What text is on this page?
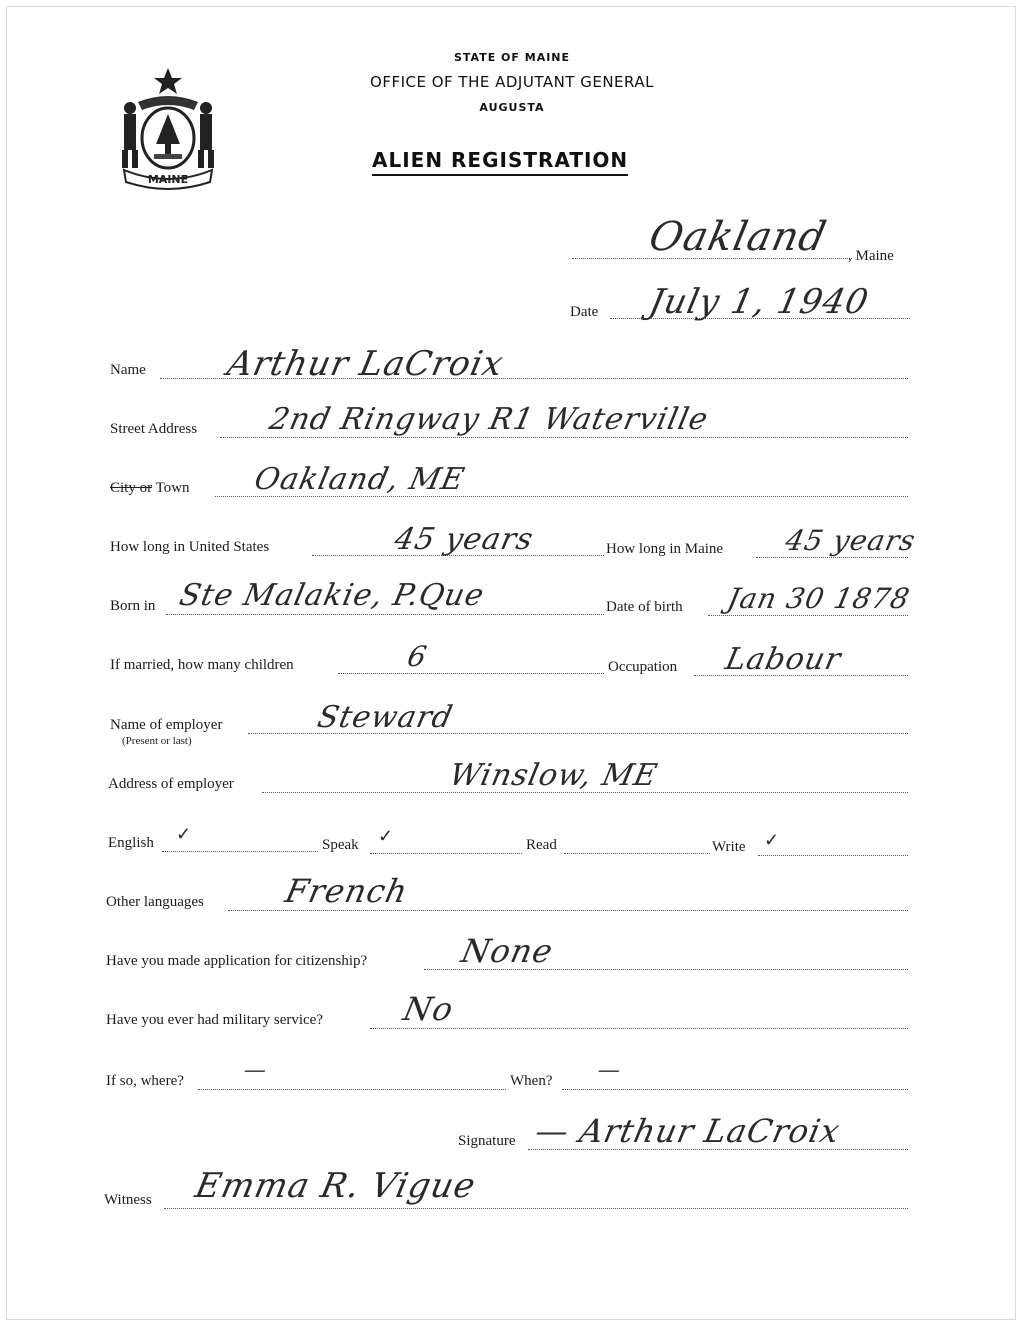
MAINE
STATE OF MAINE
OFFICE OF THE ADJUTANT GENERAL
AUGUSTA
ALIEN REGISTRATION
Oakland , Maine
Date July 1, 1940
Name Arthur LaCroix
Street Address 2nd Ringway R1 Waterville
City or Town Oakland, ME
How long in United States	45 years	How long in Maine 45 years
Born in Ste Malakie, P.Que	Date of birth Jan 30 1878
If married, how many children	6	Occupation Labour
Name of employer
(Present or last)
Steward
Address of employer	Winslow, ME
English ✓	Speak ✓	Read	Write ✓
Other languages French
Have you made application for citizenship?	None
Have you ever had military service? No
If so, where?	—	When? —
Signature — Arthur LaCroix
Witness Emma R. Vigue
